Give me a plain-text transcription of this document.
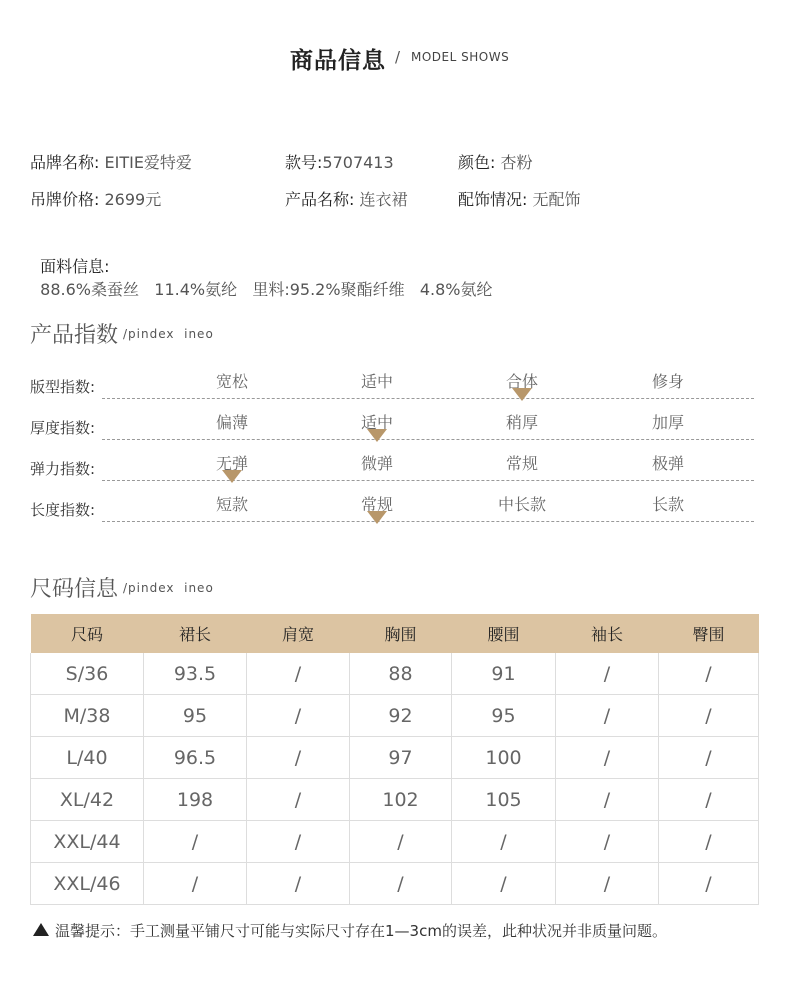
商品信息 / MODEL SHOWS
品牌名称: EITIE爱特爱	款号:5707413	颜色: 杏粉
吊牌价格: 2699元	产品名称: 连衣裙	配饰情况: 无配饰

面料信息:
88.6%桑蚕丝   11.4%氨纶   里料:95.2%聚酯纤维   4.8%氨纶

产品指数 /pindex  ineo
版型指数:	宽松	适中	合体	修身
厚度指数:	偏薄	适中	稍厚	加厚
弹力指数:	无弹	微弹	常规	极弹
长度指数:	短款	常规	中长款	长款
尺码信息 /pindex  ineo
尺码	裙长	肩宽	胸围	腰围	袖长	臀围
S/36	93.5	/	88	91	/	/
M/38	95	/	92	95	/	/
L/40	96.5	/	97	100	/	/
XL/42	198	/	102	105	/	/
XXL/44	/	/	/	/	/	/
XXL/46	/	/	/	/	/	/
温馨提示：手工测量平铺尺寸可能与实际尺寸存在1—3cm的误差，此种状况并非质量问题。
